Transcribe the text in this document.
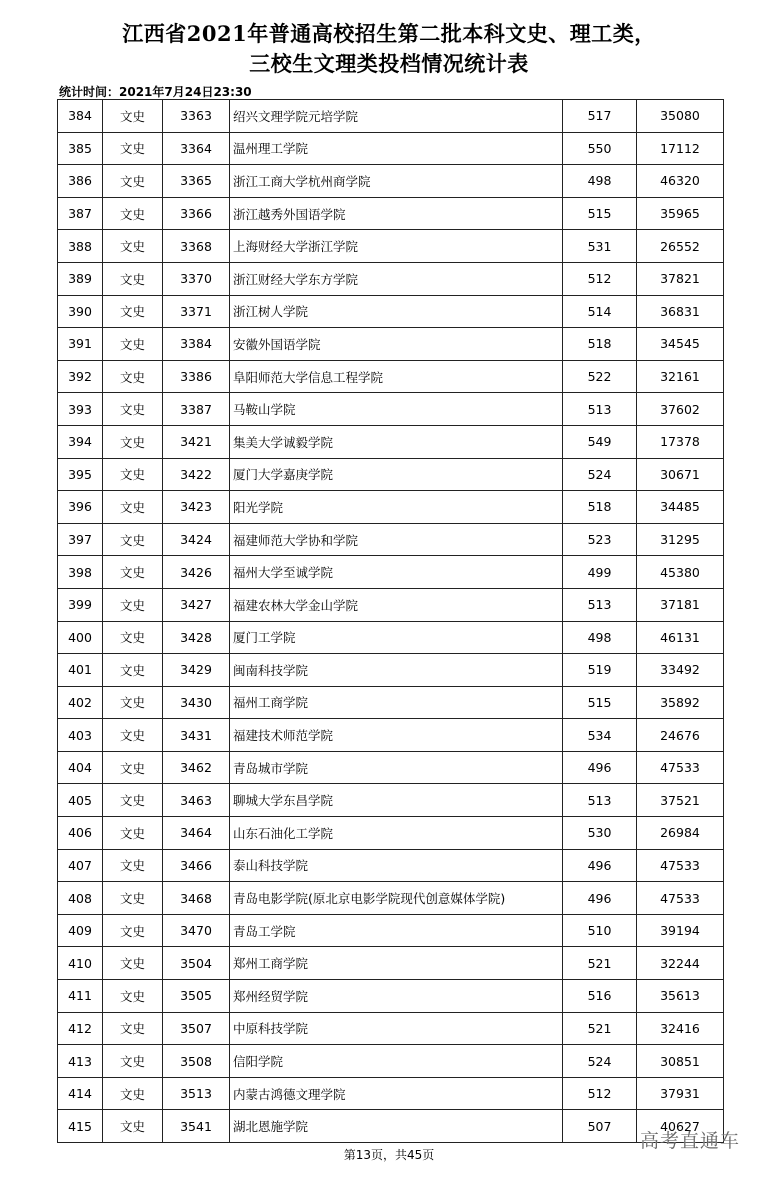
江西省2021年普通高校招生第二批本科文史、理工类，
三校生文理类投档情况统计表
统计时间：2021年7月24日23:30
384	文史	3363	绍兴文理学院元培学院	517	35080
385	文史	3364	温州理工学院	550	17112
386	文史	3365	浙江工商大学杭州商学院	498	46320
387	文史	3366	浙江越秀外国语学院	515	35965
388	文史	3368	上海财经大学浙江学院	531	26552
389	文史	3370	浙江财经大学东方学院	512	37821
390	文史	3371	浙江树人学院	514	36831
391	文史	3384	安徽外国语学院	518	34545
392	文史	3386	阜阳师范大学信息工程学院	522	32161
393	文史	3387	马鞍山学院	513	37602
394	文史	3421	集美大学诚毅学院	549	17378
395	文史	3422	厦门大学嘉庚学院	524	30671
396	文史	3423	阳光学院	518	34485
397	文史	3424	福建师范大学协和学院	523	31295
398	文史	3426	福州大学至诚学院	499	45380
399	文史	3427	福建农林大学金山学院	513	37181
400	文史	3428	厦门工学院	498	46131
401	文史	3429	闽南科技学院	519	33492
402	文史	3430	福州工商学院	515	35892
403	文史	3431	福建技术师范学院	534	24676
404	文史	3462	青岛城市学院	496	47533
405	文史	3463	聊城大学东昌学院	513	37521
406	文史	3464	山东石油化工学院	530	26984
407	文史	3466	泰山科技学院	496	47533
408	文史	3468	青岛电影学院(原北京电影学院现代创意媒体学院)	496	47533
409	文史	3470	青岛工学院	510	39194
410	文史	3504	郑州工商学院	521	32244
411	文史	3505	郑州经贸学院	516	35613
412	文史	3507	中原科技学院	521	32416
413	文史	3508	信阳学院	524	30851
414	文史	3513	内蒙古鸿德文理学院	512	37931
415	文史	3541	湖北恩施学院	507	40627
第13页，共45页
高考直通车
